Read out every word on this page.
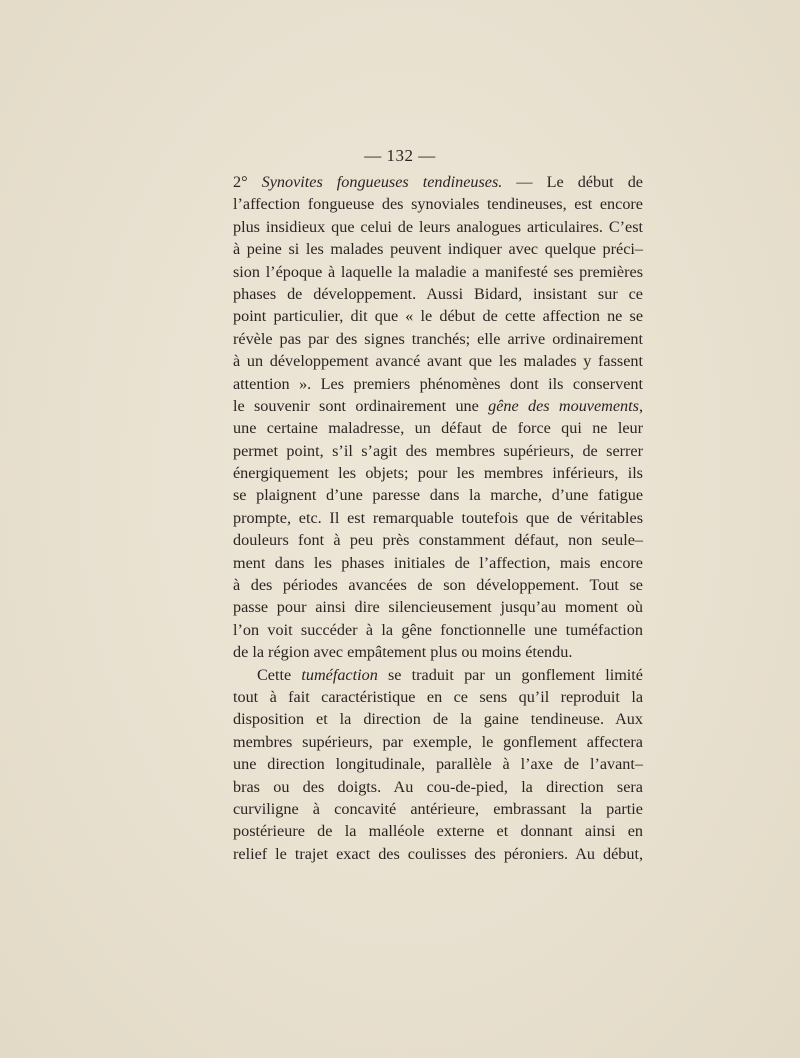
— 132 —
2° Synovites fongueuses tendineuses. — Le début de
l’affection fongueuse des synoviales tendineuses, est encore
plus insidieux que celui de leurs analogues articulaires. C’est
à peine si les malades peuvent indiquer avec quelque préci–
sion l’époque à laquelle la maladie a manifesté ses premières
phases de développement. Aussi Bidard, insistant sur ce
point particulier, dit que « le début de cette affection ne se
révèle pas par des signes tranchés; elle arrive ordinairement
à un développement avancé avant que les malades y fassent
attention ». Les premiers phénomènes dont ils conservent
le souvenir sont ordinairement une gêne des mouvements,
une certaine maladresse, un défaut de force qui ne leur
permet point, s’il s’agit des membres supérieurs, de serrer
énergiquement les objets; pour les membres inférieurs, ils
se plaignent d’une paresse dans la marche, d’une fatigue
prompte, etc. Il est remarquable toutefois que de véritables
douleurs font à peu près constamment défaut, non seule–
ment dans les phases initiales de l’affection, mais encore
à des périodes avancées de son développement. Tout se
passe pour ainsi dire silencieusement jusqu’au moment où
l’on voit succéder à la gêne fonctionnelle une tuméfaction
de la région avec empâtement plus ou moins étendu.
Cette tuméfaction se traduit par un gonflement limité
tout à fait caractéristique en ce sens qu’il reproduit la
disposition et la direction de la gaine tendineuse. Aux
membres supérieurs, par exemple, le gonflement affectera
une direction longitudinale, parallèle à l’axe de l’avant–
bras ou des doigts. Au cou-de-pied, la direction sera
curviligne à concavité antérieure, embrassant la partie
postérieure de la malléole externe et donnant ainsi en
relief le trajet exact des coulisses des péroniers. Au début,
